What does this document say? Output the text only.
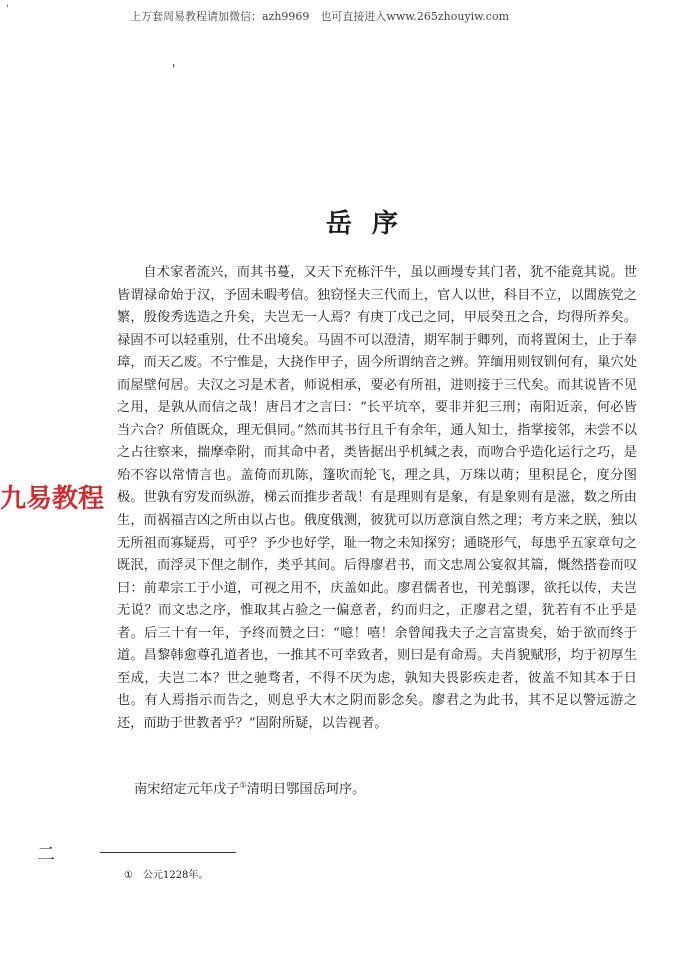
上万套周易教程请加微信：azh9969　也可直接进入www.265zhouyiw.com
'
'
岳序
自术家者流兴，而其书蔓，又天下充栋汗牛，虽以画墁专其门者，犹不能竟其说。世皆谓禄命始于汉，予固未暇考信。独窃怪夫三代而上，官人以世，科目不立，以閭族党之繁，殷俊秀选造之升矣，夫岂无一人焉？有庚丁戊己之同，甲辰癸丑之合，均得所养矣。禄固不可以轻重别，仕不出境矣。马固不可以澄清，期军制于卿列，而将置闲士，止于奉璋，而天乙废。不宁惟是，大挠作甲子，固今所谓纳音之辨。笄缅用则钗钏何有，巢穴处而屋壁何居。夫汉之习是术者，师说相承，要必有所祖，进则接于三代矣。而其说皆不见之用，是孰从而信之哉！唐吕才之言曰：“长平坑卒，要非并犯三刑；南阳近亲，何必皆当六合？所值既众，理无俱同。”然而其书行且千有余年，通人知士，指掌接邻，未尝不以之占往察来，揣摩牵附，而其命中者，类皆据出乎机缄之表，而吻合乎造化运行之巧，是殆不容以常情言也。盖倚而玑陈，篷吹而轮飞，理之具，万珠以萌；里积昆仑，度分图极。世孰有穷发而纵游，梯云而推步者哉！有是理则有是象，有是象则有是滋，数之所由生，而祸福吉凶之所由以占也。俄度俄测，彼犹可以历意演自然之理；考方来之朕，独以无所祖而寡疑焉，可乎？予少也好学，耻一物之未知探穷；通晓形气，每患乎五家章句之既泯，而浮灵下俚之制作，类乎其间。后得廖君书，而文忠周公宴叙其篇，慨然搭卷而叹曰：前辈宗工于小道，可视之用不，庆盖如此。廖君儒者也，刊羌翦谬，欲托以传，夫岂无说？而文忠之序，惟取其占验之一偏意者，约而归之，正廖君之望，犹若有不止乎是者。后三十有一年，予终而赞之曰：“噫！嘻！余曾闻我夫子之言富贵矣，始于欲而终于道。昌黎韩愈尊孔道者也，一推其不可幸致者，则曰是有命焉。夫肖貌赋形，均于初厚生至成，夫岂二本？世之驰骛者，不得不厌为虑，孰知夫畏影疾走者，彼盖不知其本于日也。有人焉指示而告之，则息乎大木之阴而影念矣。廖君之为此书，其不足以警远游之还，而助于世教者乎？”固附所疑，以告视者。
南宋绍定元年戊子①清明日鄂国岳珂序。
九易教程
二
① 公元1228年。
